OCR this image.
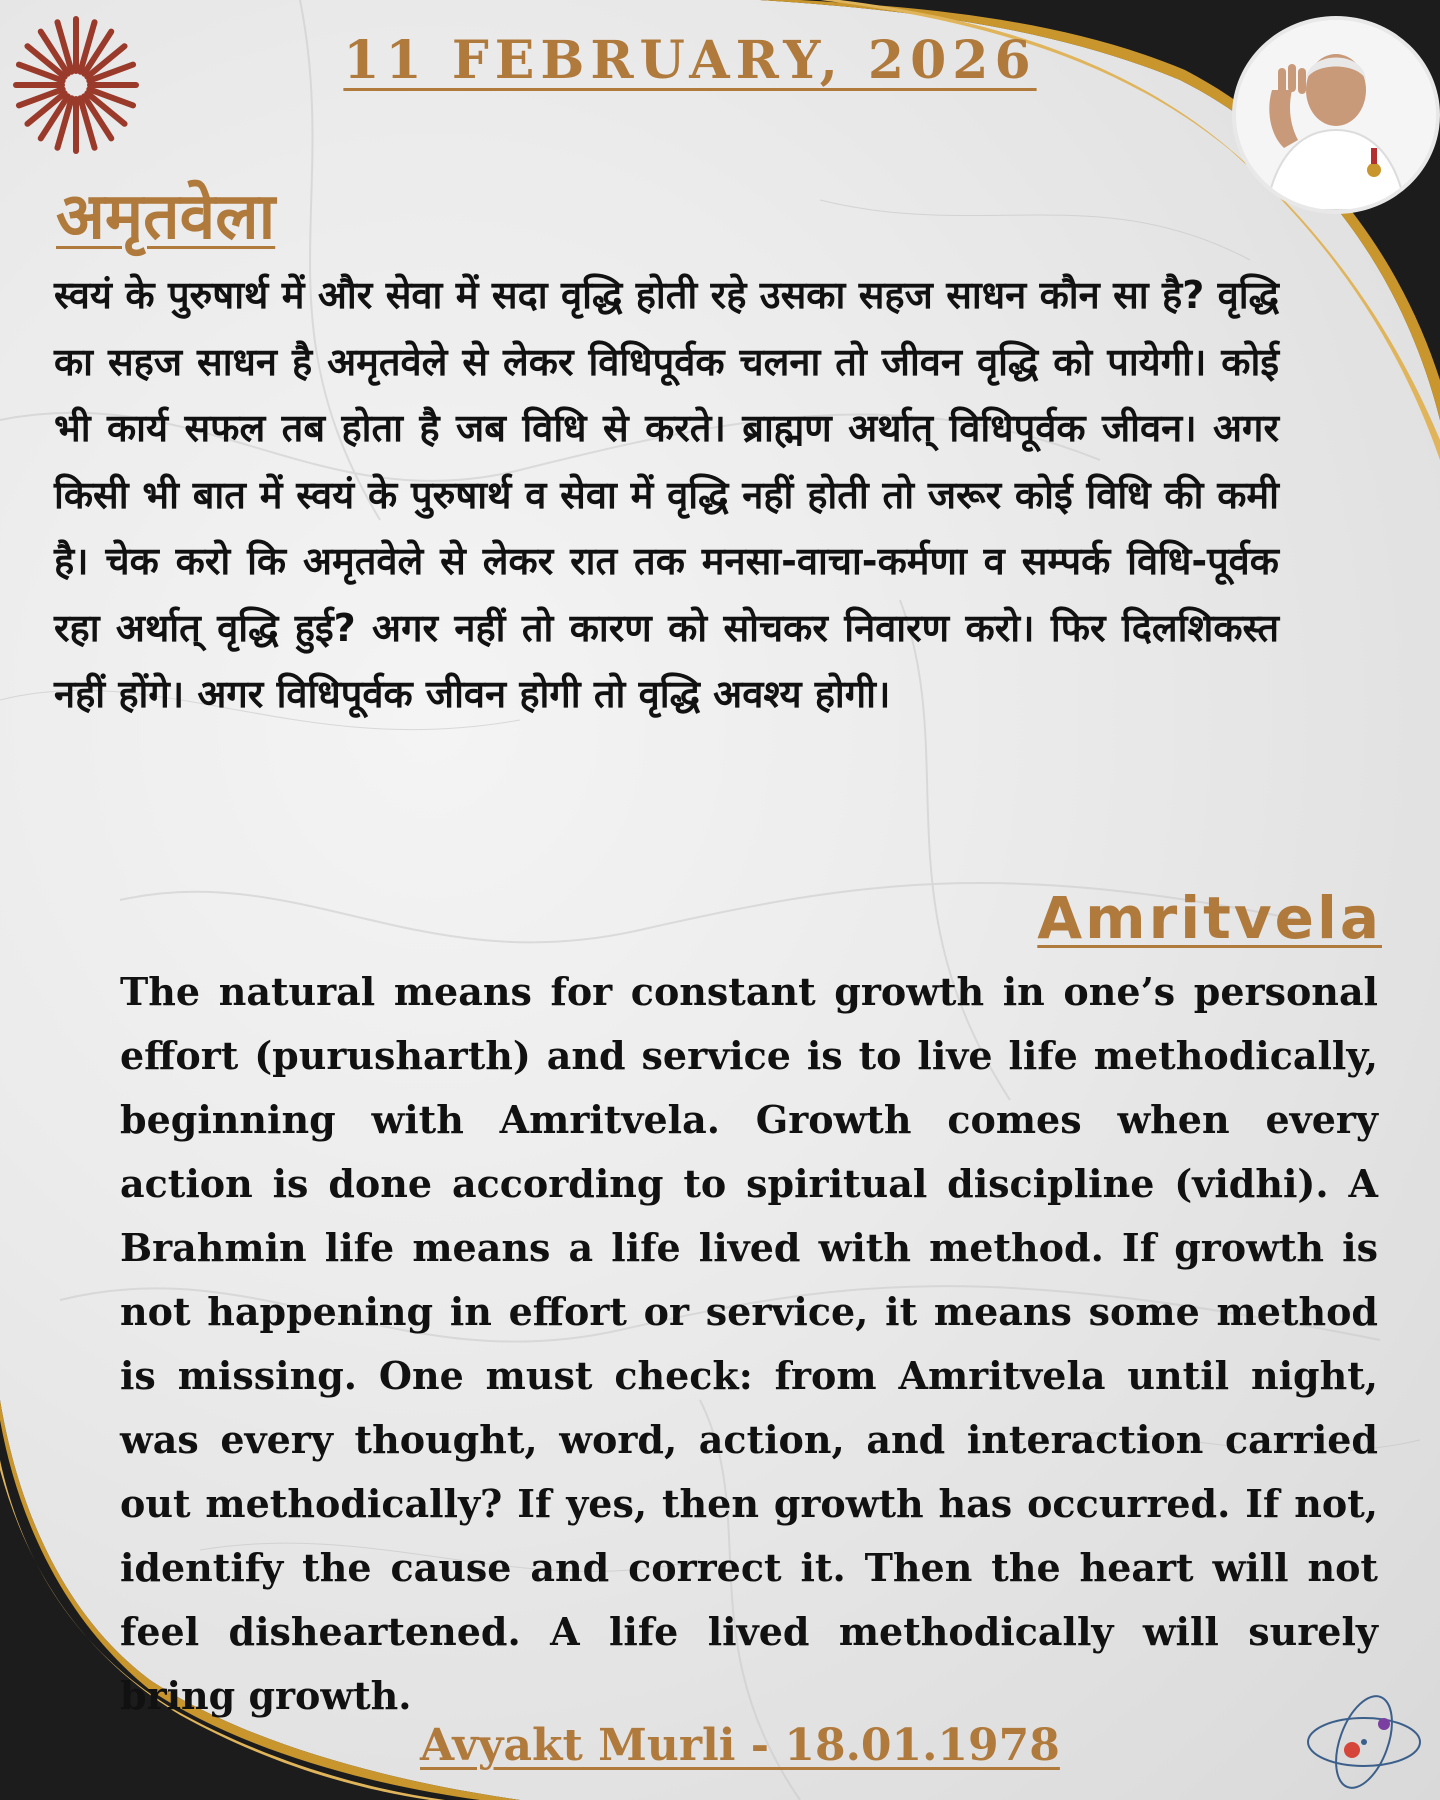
11 FEBRUARY, 2026
अमृतवेला

स्वयं के पुरुषार्थ में और सेवा में सदा वृद्धि होती रहे उसका सहज साधन कौन सा है? वृद्धि का सहज साधन है अमृतवेले से लेकर विधिपूर्वक चलना तो जीवन वृद्धि को पायेगी। कोई भी कार्य सफल तब होता है जब विधि से करते। ब्राह्मण अर्थात् विधिपूर्वक जीवन। अगर किसी भी बात में स्वयं के पुरुषार्थ व सेवा में वृद्धि नहीं होती तो जरूर कोई विधि की कमी है। चेक करो कि अमृतवेले से लेकर रात तक मनसा-वाचा-कर्मणा व सम्पर्क विधि-पूर्वक रहा अर्थात् वृद्धि हुई? अगर नहीं तो कारण को सोचकर निवारण करो। फिर दिलशिकस्त नहीं होंगे। अगर विधिपूर्वक जीवन होगी तो वृद्धि अवश्य होगी।

Amritvela

The natural means for constant growth in one’s personal effort (purusharth) and service is to live life methodically, beginning with Amritvela. Growth comes when every action is done according to spiritual discipline (vidhi). A Brahmin life means a life lived with method. If growth is not happening in effort or service, it means some method is missing. One must check: from Amritvela until night, was every thought, word, action, and interaction carried out methodically? If yes, then growth has occurred. If not, identify the cause and correct it. Then the heart will not feel disheartened. A life lived methodically will surely bring growth.

Avyakt Murli - 18.01.1978
